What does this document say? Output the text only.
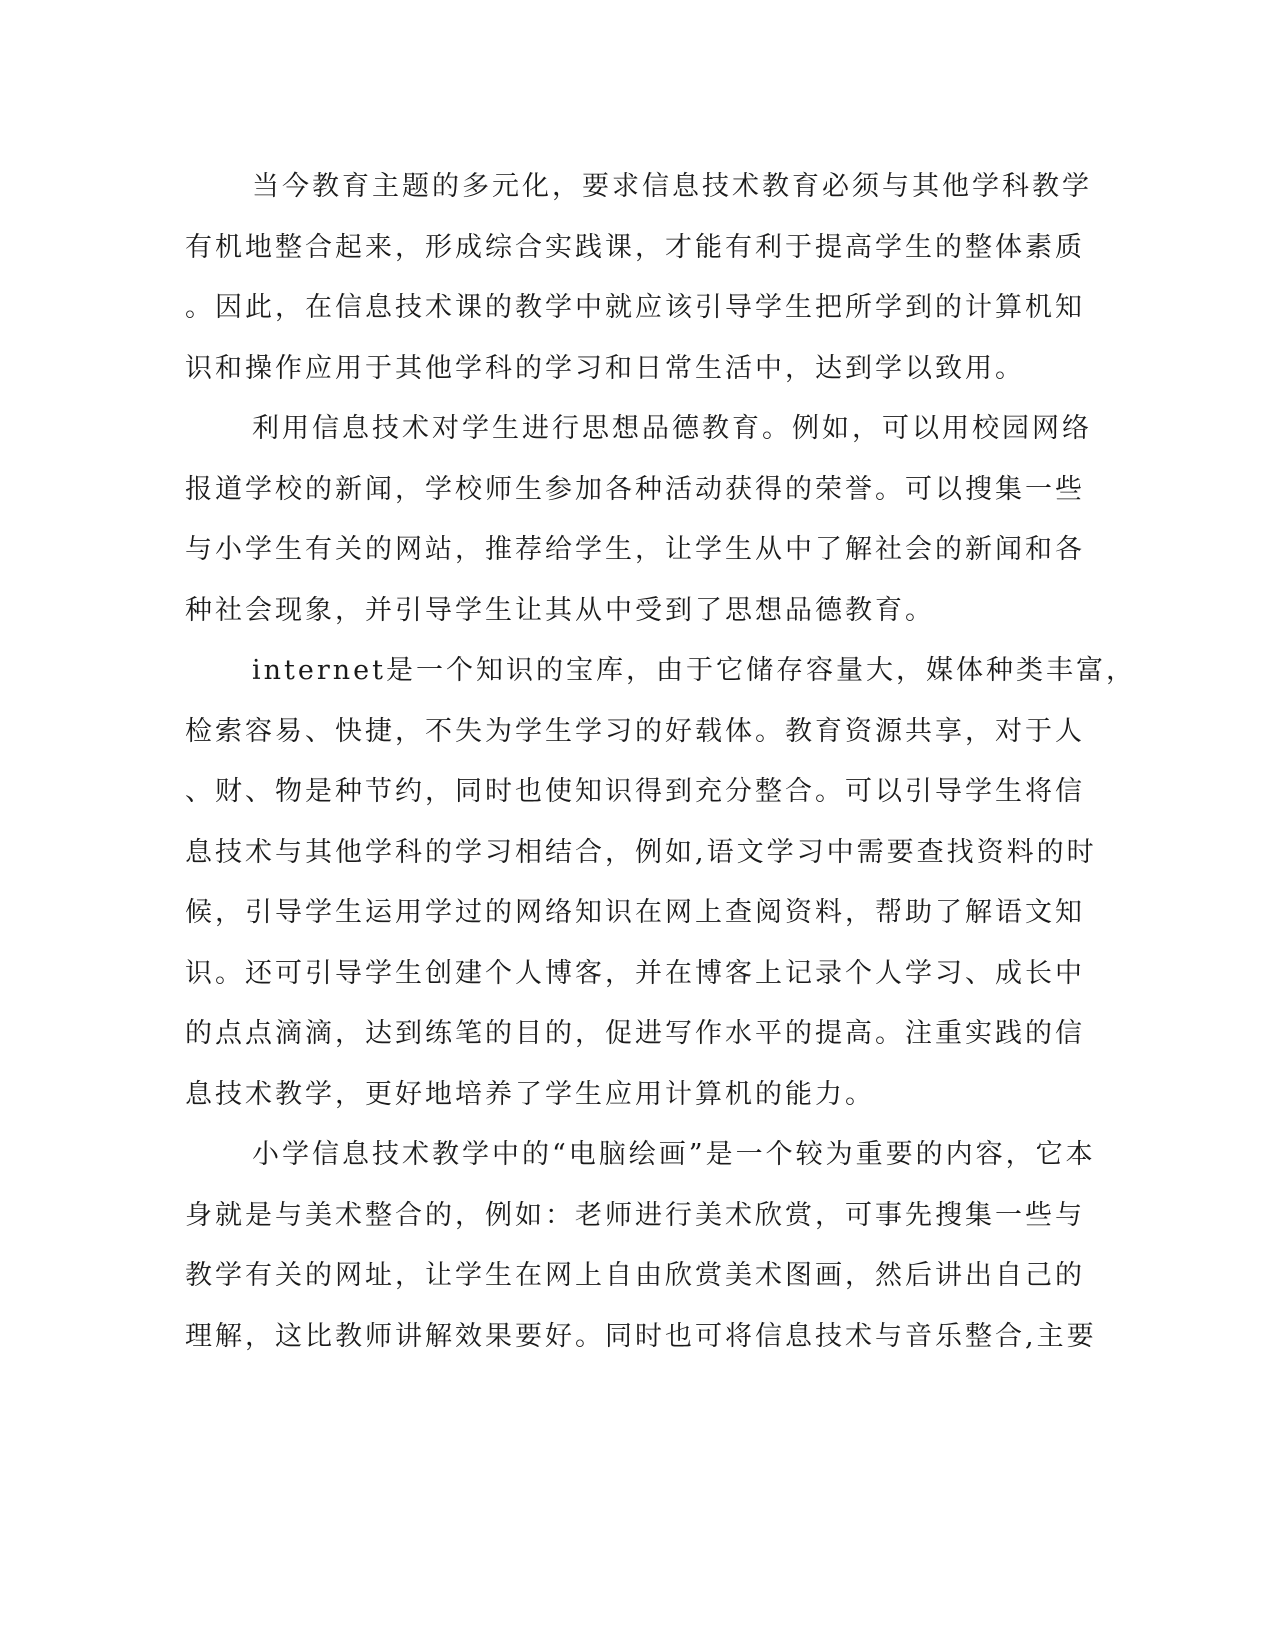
当今教育主题的多元化，要求信息技术教育必须与其他学科教学
有机地整合起来，形成综合实践课，才能有利于提高学生的整体素质
。因此，在信息技术课的教学中就应该引导学生把所学到的计算机知
识和操作应用于其他学科的学习和日常生活中，达到学以致用。
利用信息技术对学生进行思想品德教育。例如，可以用校园网络
报道学校的新闻，学校师生参加各种活动获得的荣誉。可以搜集一些
与小学生有关的网站，推荐给学生，让学生从中了解社会的新闻和各
种社会现象，并引导学生让其从中受到了思想品德教育。
internet是一个知识的宝库，由于它储存容量大，媒体种类丰富，
检索容易、快捷，不失为学生学习的好载体。教育资源共享，对于人
、财、物是种节约，同时也使知识得到充分整合。可以引导学生将信
息技术与其他学科的学习相结合，例如,语文学习中需要查找资料的时
候，引导学生运用学过的网络知识在网上查阅资料，帮助了解语文知
识。还可引导学生创建个人博客，并在博客上记录个人学习、成长中
的点点滴滴，达到练笔的目的，促进写作水平的提高。注重实践的信
息技术教学，更好地培养了学生应用计算机的能力。
小学信息技术教学中的“电脑绘画”是一个较为重要的内容，它本
身就是与美术整合的，例如：老师进行美术欣赏，可事先搜集一些与
教学有关的网址，让学生在网上自由欣赏美术图画，然后讲出自己的
理解，这比教师讲解效果要好。同时也可将信息技术与音乐整合,主要
